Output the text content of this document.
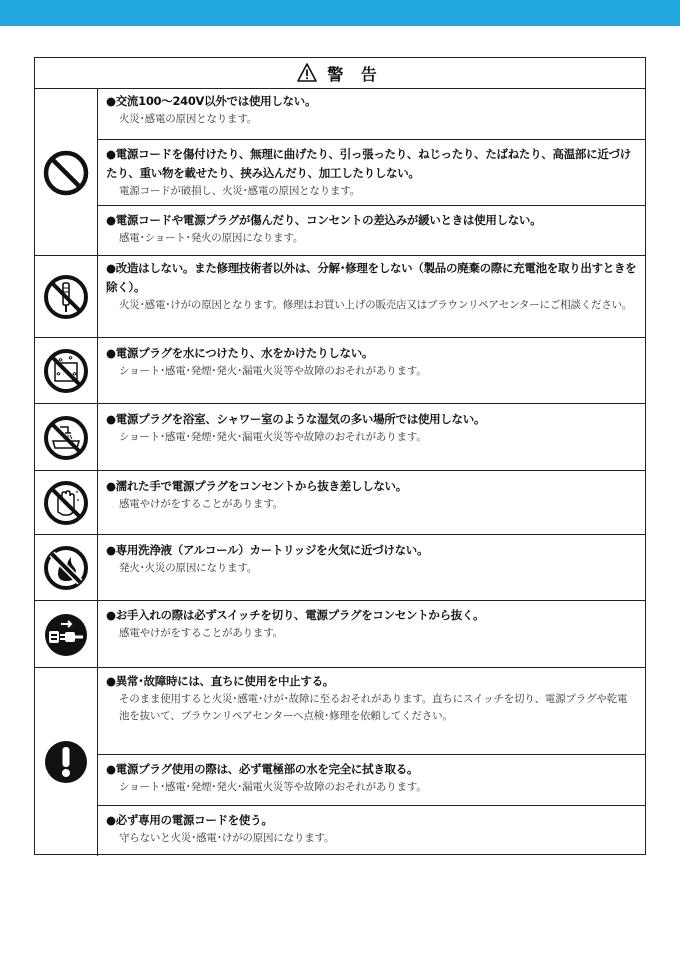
警 告
●交流100〜240V以外では使用しない。
火災･感電の原因となります。
●電源コードを傷付けたり、無理に曲げたり、引っ張ったり、ねじったり、たばねたり、高温部に近づけたり、重い物を載せたり、挟み込んだり、加工したりしない。
電源コードが破損し、火災･感電の原因となります。
●電源コードや電源プラグが傷んだり、コンセントの差込みが緩いときは使用しない。
感電･ショート･発火の原因になります。
●改造はしない。また修理技術者以外は、分解･修理をしない（製品の廃棄の際に充電池を取り出すときを除く）。
火災･感電･けがの原因となります。修理はお買い上げの販売店又はブラウンリペアセンターにご相談ください。
●電源プラグを水につけたり、水をかけたりしない。
ショート･感電･発煙･発火･漏電火災等や故障のおそれがあります。
●電源プラグを浴室、シャワー室のような湿気の多い場所では使用しない。
ショート･感電･発煙･発火･漏電火災等や故障のおそれがあります。
●濡れた手で電源プラグをコンセントから抜き差ししない。
感電やけがをすることがあります。
●専用洗浄液（アルコール）カートリッジを火気に近づけない。
発火･火災の原因になります。
●お手入れの際は必ずスイッチを切り、電源プラグをコンセントから抜く。
感電やけがをすることがあります。
●異常･故障時には、直ちに使用を中止する。
そのまま使用すると火災･感電･けが･故障に至るおそれがあります。直ちにスイッチを切り、電源プラグや乾電池を抜いて、ブラウンリペアセンターへ点検･修理を依頼してください。
●電源プラグ使用の際は、必ず電極部の水を完全に拭き取る。
ショート･感電･発煙･発火･漏電火災等や故障のおそれがあります。
●必ず専用の電源コードを使う。
守らないと火災･感電･けがの原因になります。
